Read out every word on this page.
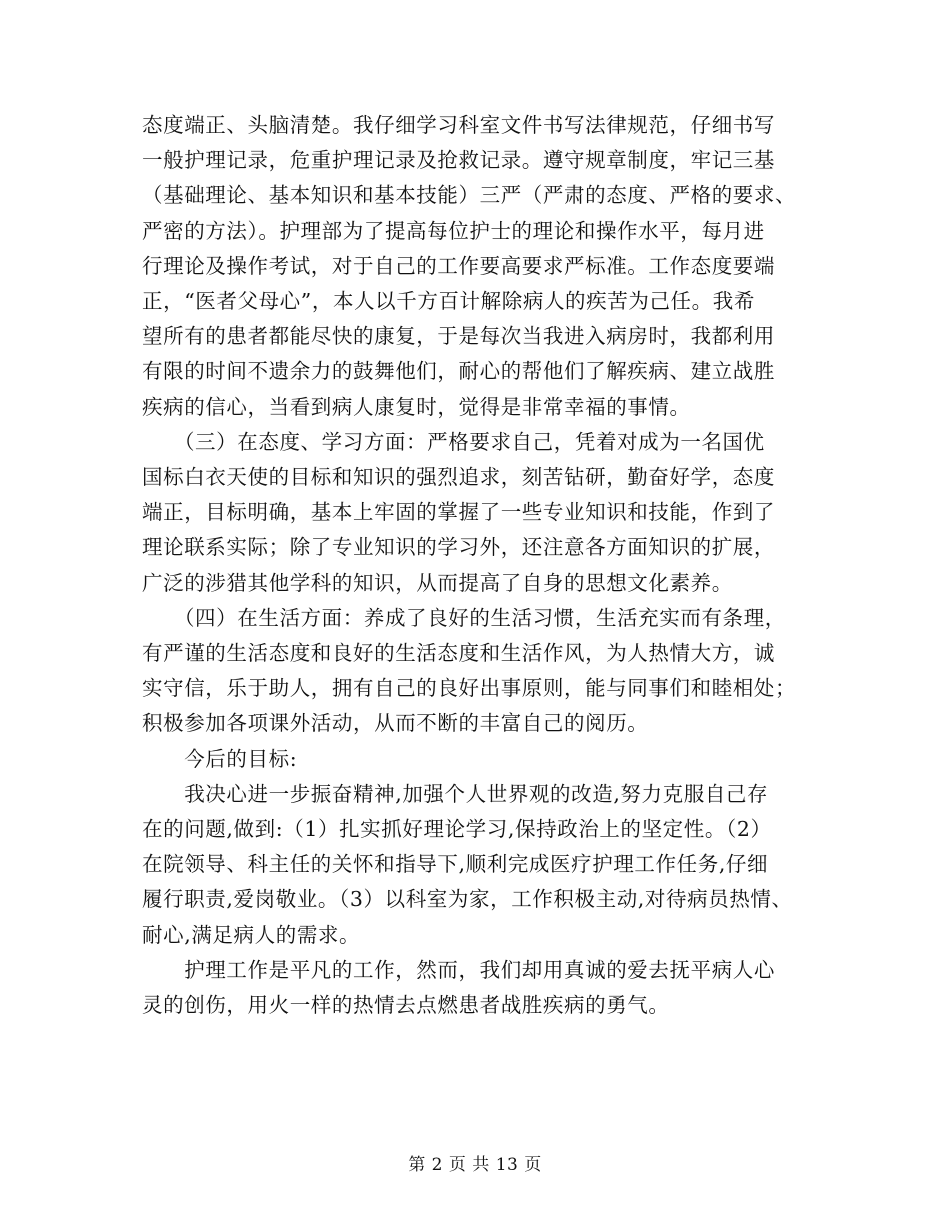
态度端正、头脑清楚。我仔细学习科室文件书写法律规范，仔细书写
一般护理记录，危重护理记录及抢救记录。遵守规章制度，牢记三基
（基础理论、基本知识和基本技能）三严（严肃的态度、严格的要求、
严密的方法）。护理部为了提高每位护士的理论和操作水平，每月进
行理论及操作考试，对于自己的工作要高要求严标准。工作态度要端
正，“医者父母心”，本人以千方百计解除病人的疾苦为己任。我希
望所有的患者都能尽快的康复，于是每次当我进入病房时，我都利用
有限的时间不遗余力的鼓舞他们，耐心的帮他们了解疾病、建立战胜
疾病的信心，当看到病人康复时，觉得是非常幸福的事情。
　　（三）在态度、学习方面：严格要求自己，凭着对成为一名国优
国标白衣天使的目标和知识的强烈追求，刻苦钻研，勤奋好学，态度
端正，目标明确，基本上牢固的掌握了一些专业知识和技能，作到了
理论联系实际；除了专业知识的学习外，还注意各方面知识的扩展，
广泛的涉猎其他学科的知识，从而提高了自身的思想文化素养。
　　（四）在生活方面：养成了良好的生活习惯，生活充实而有条理，
有严谨的生活态度和良好的生活态度和生活作风，为人热情大方，诚
实守信，乐于助人，拥有自己的良好出事原则，能与同事们和睦相处；
积极参加各项课外活动，从而不断的丰富自己的阅历。
　　今后的目标:
　　我决心进一步振奋精神,加强个人世界观的改造,努力克服自己存
在的问题,做到:（1）扎实抓好理论学习,保持政治上的坚定性。（2）
在院领导、科主任的关怀和指导下,顺利完成医疗护理工作任务,仔细
履行职责,爱岗敬业。（3）以科室为家，工作积极主动,对待病员热情、
耐心,满足病人的需求。
　　护理工作是平凡的工作，然而，我们却用真诚的爱去抚平病人心
灵的创伤，用火一样的热情去点燃患者战胜疾病的勇气。
第 2 页 共 13 页
